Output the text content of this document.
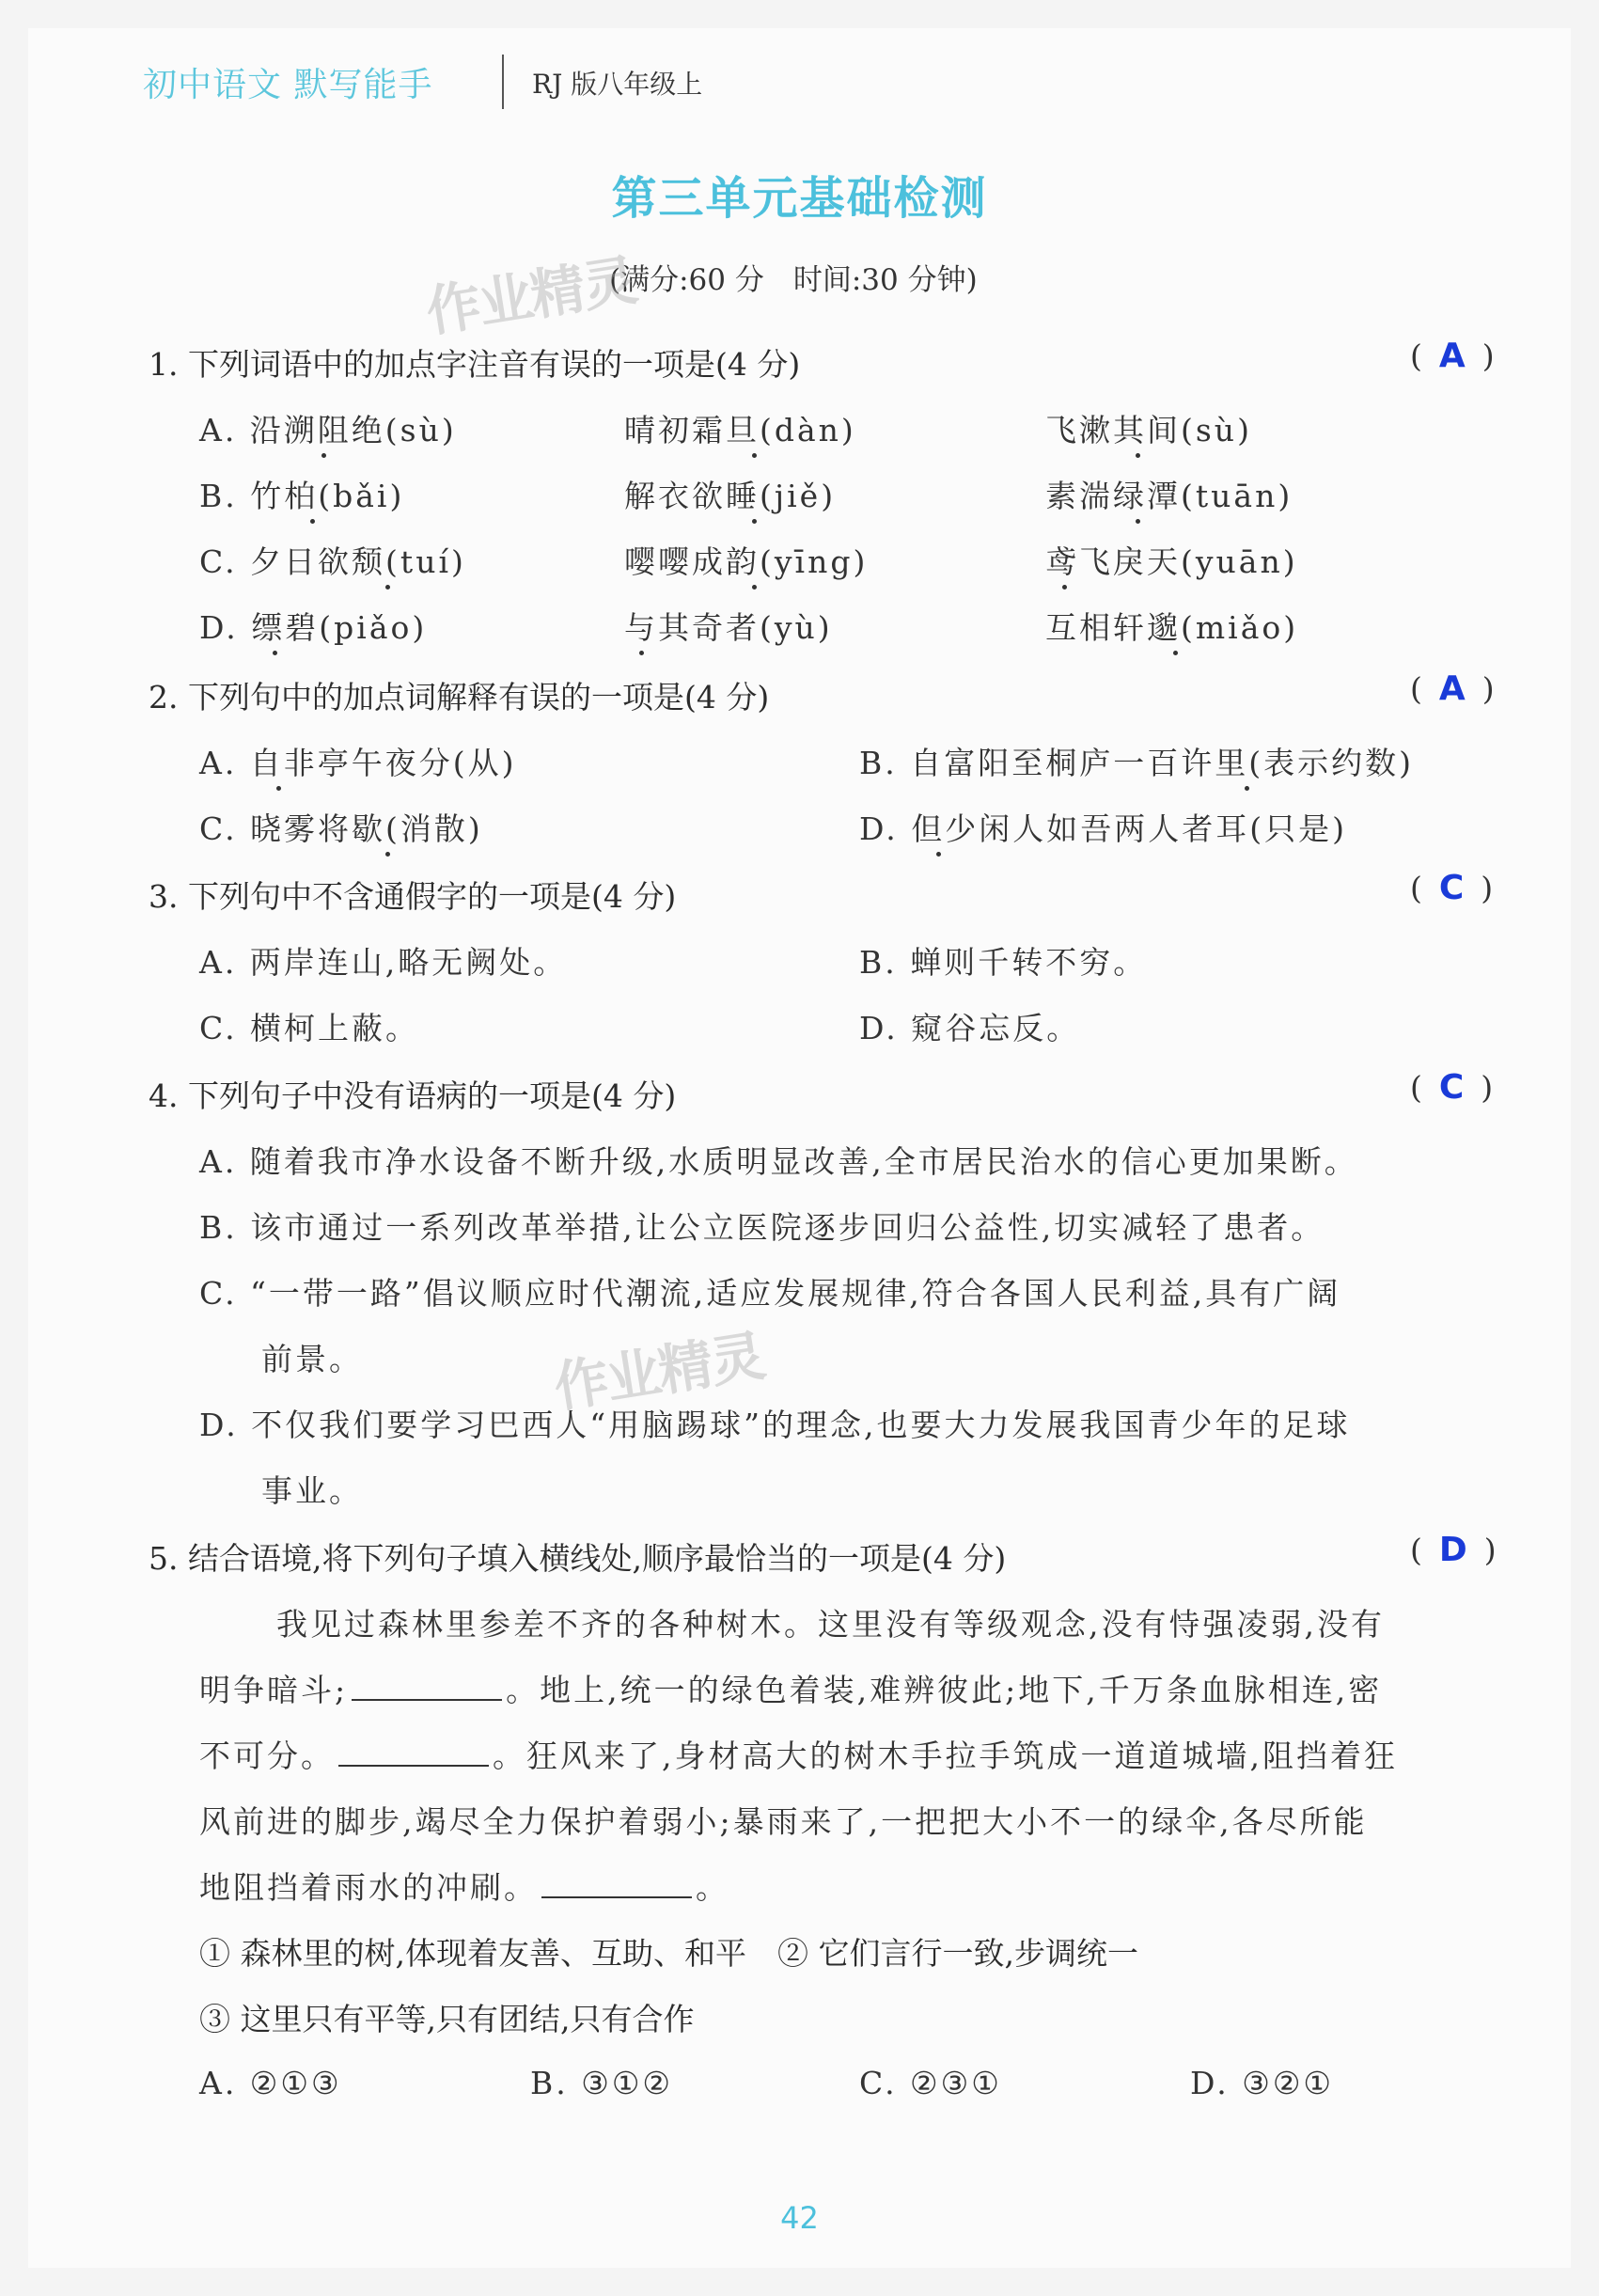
初中语文 默写能手	RJ 版八年级上
第三单元基础检测
(满分:60 分　时间:30 分钟)
作业精灵
作业精灵
1. 下列词语中的加点字注音有误的一项是(4 分)	( A )
A. 沿溯阻绝(sù)	晴初霜旦(dàn)	飞漱其间(sù)
B. 竹柏(bǎi)	解衣欲睡(jiě)	素湍绿潭(tuān)
C. 夕日欲颓(tuí)	嘤嘤成韵(yīng)	鸢飞戾天(yuān)
D. 缥碧(piǎo)	与其奇者(yù)	互相轩邈(miǎo)
2. 下列句中的加点词解释有误的一项是(4 分)	( A )
A. 自非亭午夜分(从)	B. 自富阳至桐庐一百许里(表示约数)
C. 晓雾将歇(消散)	D. 但少闲人如吾两人者耳(只是)
3. 下列句中不含通假字的一项是(4 分)	( C )
A. 两岸连山,略无阙处。	B. 蝉则千转不穷。
C. 横柯上蔽。	D. 窥谷忘反。
4. 下列句子中没有语病的一项是(4 分)	( C )
A. 随着我市净水设备不断升级,水质明显改善,全市居民治水的信心更加果断。
B. 该市通过一系列改革举措,让公立医院逐步回归公益性,切实减轻了患者。
C. “一带一路”倡议顺应时代潮流,适应发展规律,符合各国人民利益,具有广阔
前景。
D. 不仅我们要学习巴西人“用脑踢球”的理念,也要大力发展我国青少年的足球
事业。
5. 结合语境,将下列句子填入横线处,顺序最恰当的一项是(4 分)	( D )
我见过森林里参差不齐的各种树木。这里没有等级观念,没有恃强凌弱,没有
明争暗斗;	。地上,统一的绿色着装,难辨彼此;地下,千万条血脉相连,密
不可分。	。狂风来了,身材高大的树木手拉手筑成一道道城墙,阻挡着狂
风前进的脚步,竭尽全力保护着弱小;暴雨来了,一把把大小不一的绿伞,各尽所能
地阻挡着雨水的冲刷。	。
① 森林里的树,体现着友善、互助、和平　② 它们言行一致,步调统一
③ 这里只有平等,只有团结,只有合作
A. ②①③	B. ③①②	C. ②③①	D. ③②①
42
